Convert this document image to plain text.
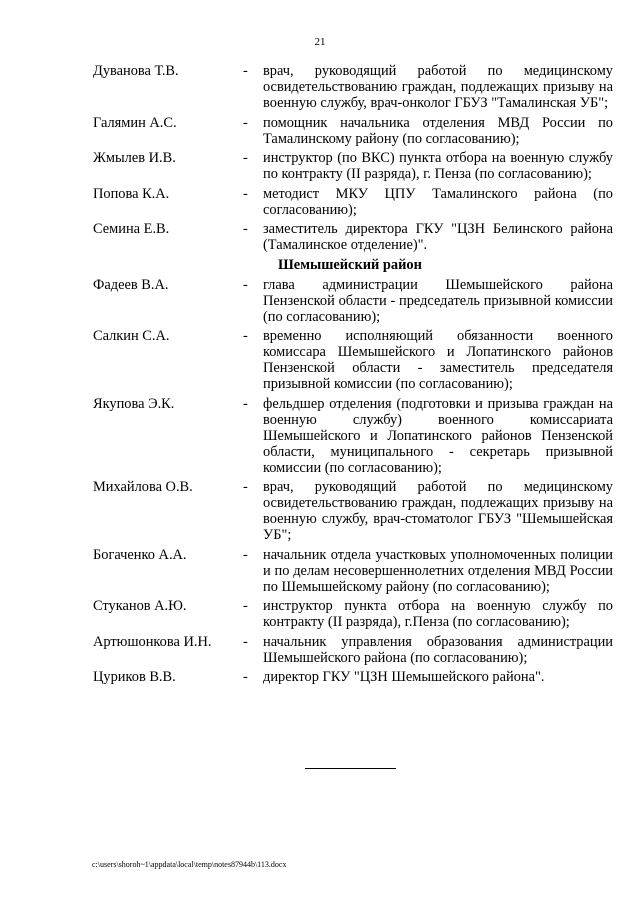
21
Дуванова Т.В.	- врач, руководящий работой по медицинскому освидетельствованию граждан, подлежащих призыву на военную службу, врач-онколог ГБУЗ "Тамалинская УБ";
Галямин А.С.	- помощник начальника отделения МВД России по Тамалинскому району (по согласованию);
Жмылев И.В.	- инструктор (по ВКС) пункта отбора на военную службу по контракту (II разряда), г. Пенза (по согласованию);
Попова К.А.	- методист МКУ ЦПУ Тамалинского района (по согласованию);
Семина Е.В.	- заместитель директора ГКУ "ЦЗН Белинского района (Тамалинское отделение)".
Шемышейский район
Фадеев В.А.	- глава администрации Шемышейского района Пензенской области - председатель призывной комиссии (по согласованию);
Салкин С.А.	- временно исполняющий обязанности военного комиссара Шемышейского и Лопатинского районов Пензенской области - заместитель председателя призывной комиссии (по согласованию);
Якупова Э.К.	- фельдшер отделения (подготовки и призыва граждан на военную службу) военного комиссариата Шемышейского и Лопатинского районов Пензенской области, муниципального - секретарь призывной комиссии (по согласованию);
Михайлова О.В.	- врач, руководящий работой по медицинскому освидетельствованию граждан, подлежащих призыву на военную службу, врач-стоматолог ГБУЗ "Шемышейская УБ";
Богаченко А.А.	- начальник отдела участковых уполномоченных полиции и по делам несовершеннолетних отделения МВД России по Шемышейскому району (по согласованию);
Стуканов А.Ю.	- инструктор пункта отбора на военную службу по контракту (II разряда), г.Пенза (по согласованию);
Артюшонкова И.Н.	- начальник управления образования администрации Шемышейского района (по согласованию);
Цуриков В.В.	- директор ГКУ "ЦЗН Шемышейского района".
c:\users\shoroh~1\appdata\local\temp\notes87944b\113.docx
